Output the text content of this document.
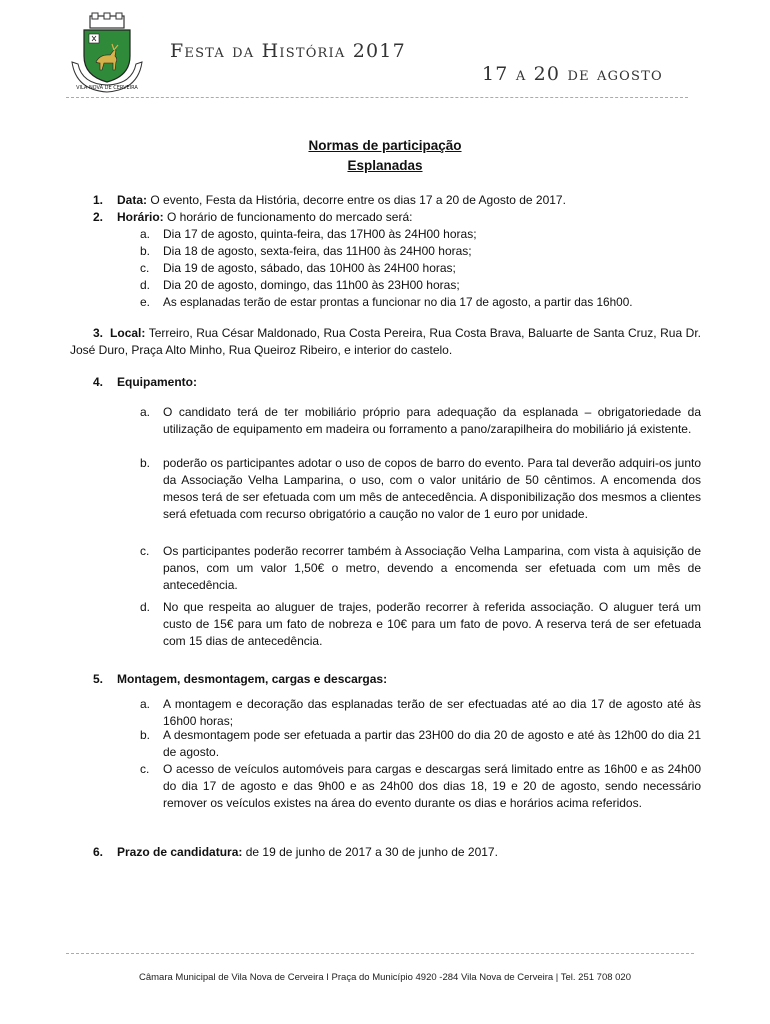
VILA NOVA DE CERVEIRA
Festa da História 2017
17 a 20 de agosto
Normas de participação
Esplanadas
1. Data: O evento, Festa da História, decorre entre os dias 17 a 20 de Agosto de 2017.
2. Horário: O horário de funcionamento do mercado será:
a. Dia 17 de agosto, quinta-feira, das 17H00 às 24H00 horas;
b. Dia 18 de agosto, sexta-feira, das 11H00 às 24H00 horas;
c. Dia 19 de agosto, sábado, das 10H00 às 24H00 horas;
d. Dia 20 de agosto, domingo, das 11h00 às 23H00 horas;
e. As esplanadas terão de estar prontas a funcionar no dia 17 de agosto, a partir das 16h00.
3. Local: Terreiro, Rua César Maldonado, Rua Costa Pereira, Rua Costa Brava, Baluarte de Santa Cruz, Rua Dr. José Duro, Praça Alto Minho, Rua Queiroz Ribeiro, e interior do castelo.
4. Equipamento:
a. O candidato terá de ter mobiliário próprio para adequação da esplanada – obrigatoriedade da utilização de equipamento em madeira ou forramento a pano/zarapilheira do mobiliário já existente.
b. poderão os participantes adotar o uso de copos de barro do evento. Para tal deverão adquiri-os junto da Associação Velha Lamparina, o uso, com o valor unitário de 50 cêntimos. A encomenda dos mesos terá de ser efetuada com um mês de antecedência. A disponibilização dos mesmos a clientes será efetuada com recurso obrigatório a caução no valor de 1 euro por unidade.
c. Os participantes poderão recorrer também à Associação Velha Lamparina, com vista à aquisição de panos, com um valor 1,50€ o metro, devendo a encomenda ser efetuada com um mês de antecedência.
d. No que respeita ao aluguer de trajes, poderão recorrer à referida associação. O aluguer terá um custo de 15€ para um fato de nobreza e 10€ para um fato de povo. A reserva terá de ser efetuada com 15 dias de antecedência.
5. Montagem, desmontagem, cargas e descargas:
a. A montagem e decoração das esplanadas terão de ser efectuadas até ao dia 17 de agosto até às 16h00 horas;
b. A desmontagem pode ser efetuada a partir das 23H00 do dia 20 de agosto e até às 12h00 do dia 21 de agosto.
c. O acesso de veículos automóveis para cargas e descargas será limitado entre as 16h00 e as 24h00 do dia 17 de agosto e das 9h00 e as 24h00 dos dias 18, 19 e 20 de agosto, sendo necessário remover os veículos existes na área do evento durante os dias e horários acima referidos.
6. Prazo de candidatura: de 19 de junho de 2017 a 30 de junho de 2017.
Câmara Municipal de Vila Nova de Cerveira I Praça do Município 4920 -284 Vila Nova de Cerveira | Tel. 251 708 020
